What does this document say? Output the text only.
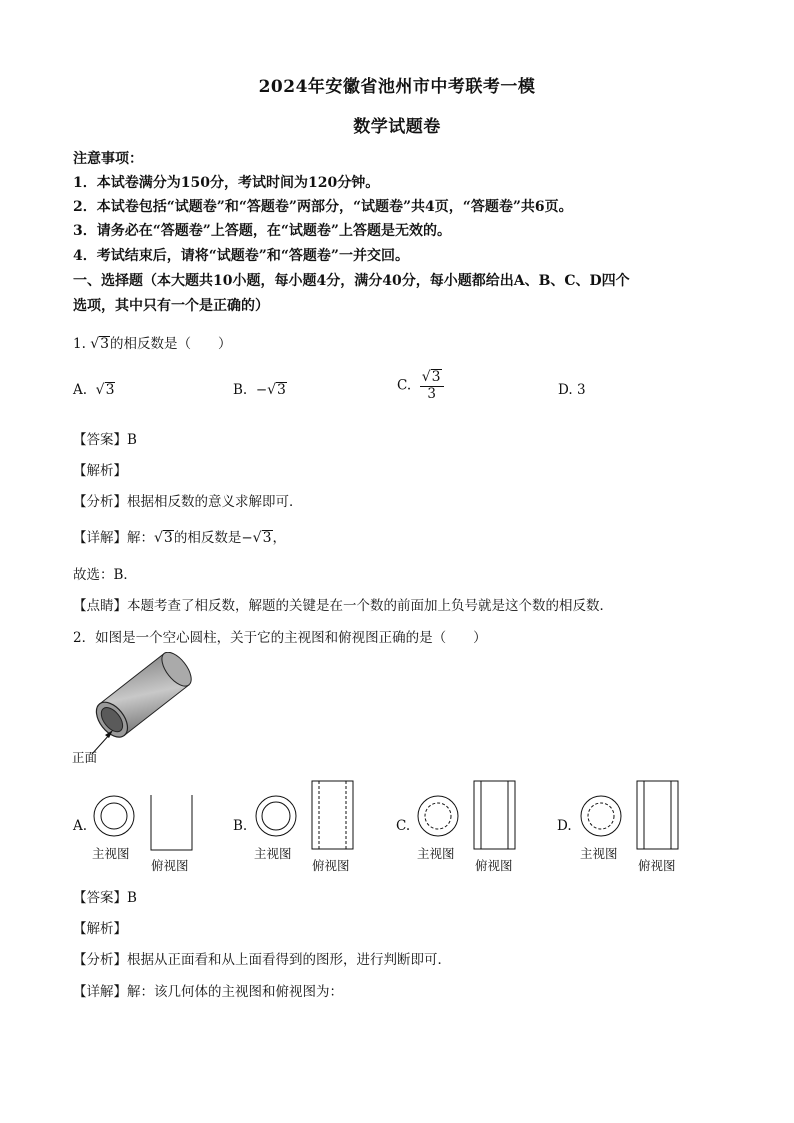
2024年安徽省池州市中考联考一模
数学试题卷
注意事项：
1．本试卷满分为150分，考试时间为120分钟。
2．本试卷包括“试题卷”和“答题卷”两部分，“试题卷”共4页，“答题卷”共6页。
3．请务必在“答题卷”上答题，在“试题卷”上答题是无效的。
4．考试结束后，请将“试题卷”和“答题卷”一并交回。
一、选择题（本大题共10小题，每小题4分，满分40分，每小题都给出A、B、C、D四个
选项，其中只有一个是正确的）
1. √3的相反数是（　　）
A. √3	B. −√3	C. $\frac{√3}{3}$	D. 3
【答案】B
【解析】
【分析】根据相反数的意义求解即可．
【详解】解：√3的相反数是−√3，
故选：B．
【点睛】本题考查了相反数，解题的关键是在一个数的前面加上负号就是这个数的相反数．
2．如图是一个空心圆柱，关于它的主视图和俯视图正确的是（　　）
正面
A.
主视图
俯视图
B.
主视图
俯视图
C.
主视图
俯视图
D.
主视图
俯视图
【答案】B
【解析】
【分析】根据从正面看和从上面看得到的图形，进行判断即可．
【详解】解：该几何体的主视图和俯视图为：
